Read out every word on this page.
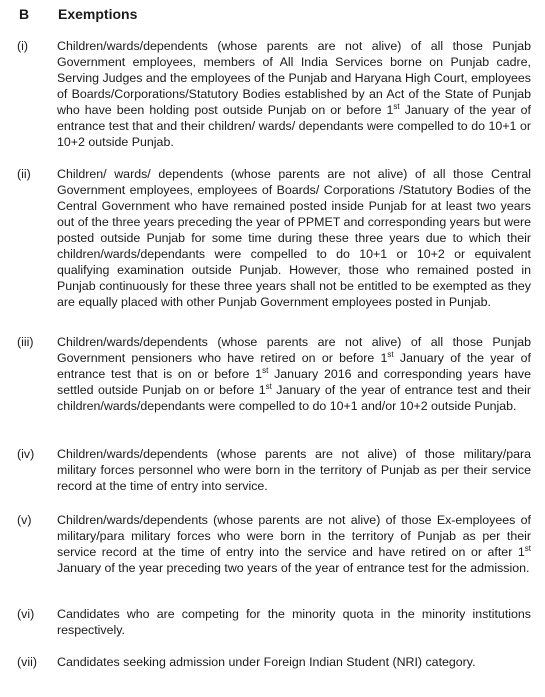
B Exemptions
(i) Children/wards/dependents (whose parents are not alive) of all those Punjab Government employees, members of All India Services borne on Punjab cadre, Serving Judges and the employees of the Punjab and Haryana High Court, employees of Boards/Corporations/Statutory Bodies established by an Act of the State of Punjab who have been holding post outside Punjab on or before 1st January of the year of entrance test that and their children/ wards/ dependants were compelled to do 10+1 or 10+2 outside Punjab.
(ii) Children/ wards/ dependents (whose parents are not alive) of all those Central Government employees, employees of Boards/ Corporations /Statutory Bodies of the Central Government who have remained posted inside Punjab for at least two years out of the three years preceding the year of PPMET and corresponding years but were posted outside Punjab for some time during these three years due to which their children/wards/dependants were compelled to do 10+1 or 10+2 or equivalent qualifying examination outside Punjab. However, those who remained posted in Punjab continuously for these three years shall not be entitled to be exempted as they are equally placed with other Punjab Government employees posted in Punjab.
(iii) Children/wards/dependents (whose parents are not alive) of all those Punjab Government pensioners who have retired on or before 1st January of the year of entrance test that is on or before 1st January 2016 and corresponding years have settled outside Punjab on or before 1st January of the year of entrance test and their children/wards/dependants were compelled to do 10+1 and/or 10+2 outside Punjab.
(iv) Children/wards/dependents (whose parents are not alive) of those military/para military forces personnel who were born in the territory of Punjab as per their service record at the time of entry into service.
(v) Children/wards/dependents (whose parents are not alive) of those Ex-employees of military/para military forces who were born in the territory of Punjab as per their service record at the time of entry into the service and have retired on or after 1st January of the year preceding two years of the year of entrance test for the admission.
(vi) Candidates who are competing for the minority quota in the minority institutions respectively.
(vii) Candidates seeking admission under Foreign Indian Student (NRI) category.
